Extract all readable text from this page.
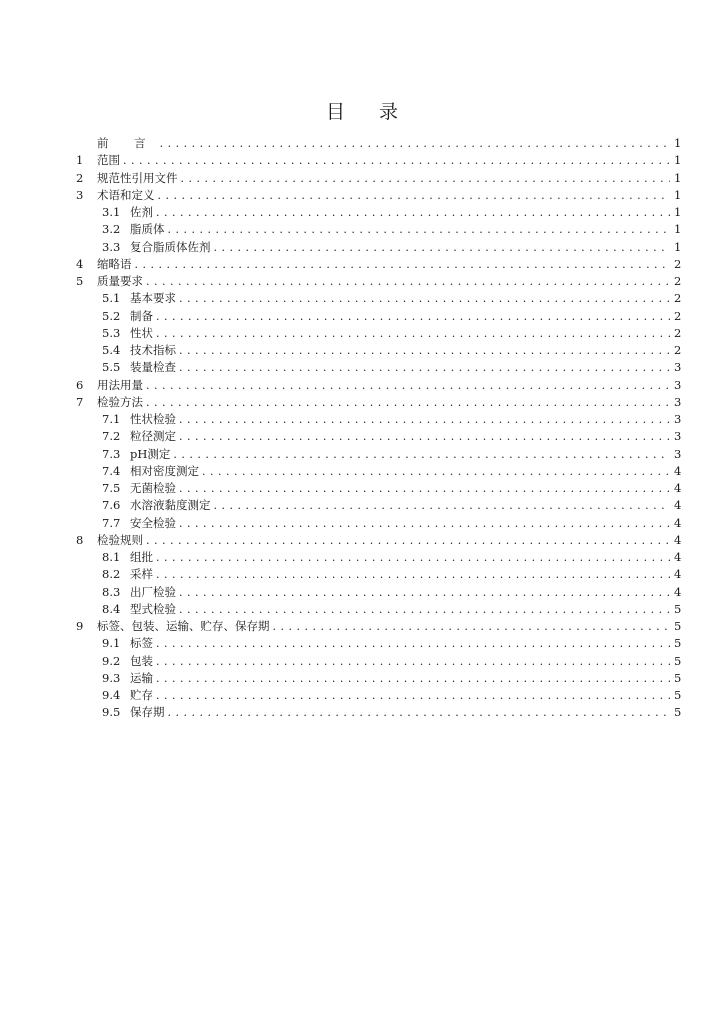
目 录
前 言 . . .	1
1	范围 . . .	1
2	规范性引用文件 . . .	1
3	术语和定义 . . .	1
3.1 佐剂 . . .	1
3.2 脂质体 . . .	1
3.3 复合脂质体佐剂 . . .	1
4	缩略语 . . .	2
5	质量要求 . . .	2
5.1 基本要求 . . .	2
5.2 制备 . . .	2
5.3 性状 . . .	2
5.4 技术指标 . . .	2
5.5 装量检查 . . .	3
6	用法用量 . . .	3
7	检验方法 . . .	3
7.1 性状检验 . . .	3
7.2 粒径测定 . . .	3
7.3 pH测定 . . .	3
7.4 相对密度测定 . . .	4
7.5 无菌检验 . . .	4
7.6 水溶液黏度测定 . . .	4
7.7 安全检验 . . .	4
8	检验规则 . . .	4
8.1 组批 . . .	4
8.2 采样 . . .	4
8.3 出厂检验 . . .	4
8.4 型式检验 . . .	5
9	标签、包装、运输、贮存、保存期 . . .	5
9.1 标签 . . .	5
9.2 包装 . . .	5
9.3 运输 . . .	5
9.4 贮存 . . .	5
9.5 保存期 . . .	5
